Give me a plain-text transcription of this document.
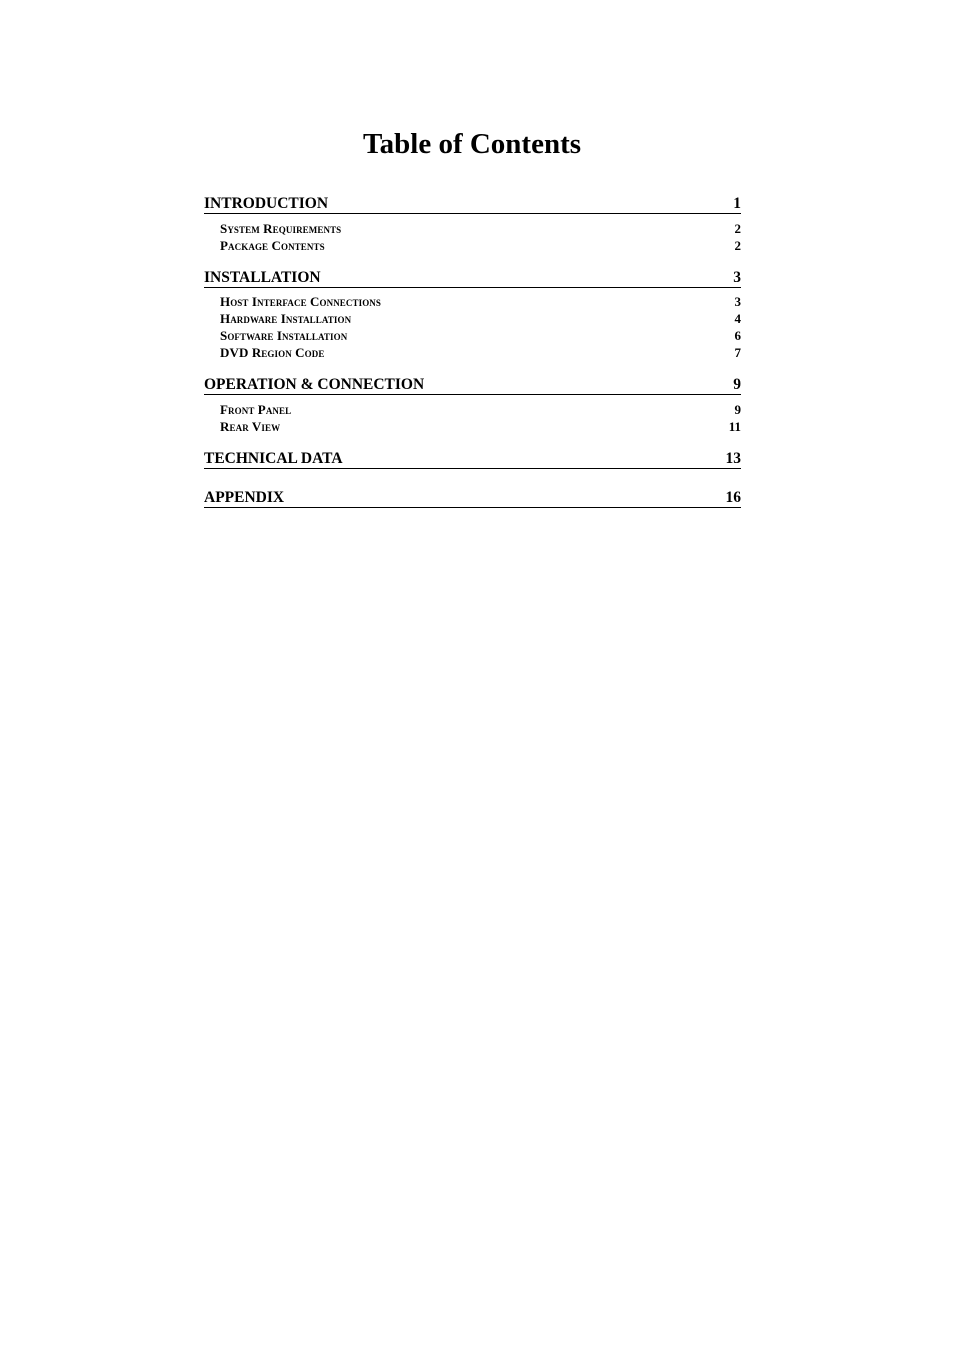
Table of Contents
INTRODUCTION	1
System Requirements	2
Package Contents	2
INSTALLATION	3
Host Interface Connections	3
Hardware Installation	4
Software Installation	6
DVD Region Code	7
OPERATION & CONNECTION	9
Front Panel	9
Rear View	11
TECHNICAL DATA	13
APPENDIX	16
